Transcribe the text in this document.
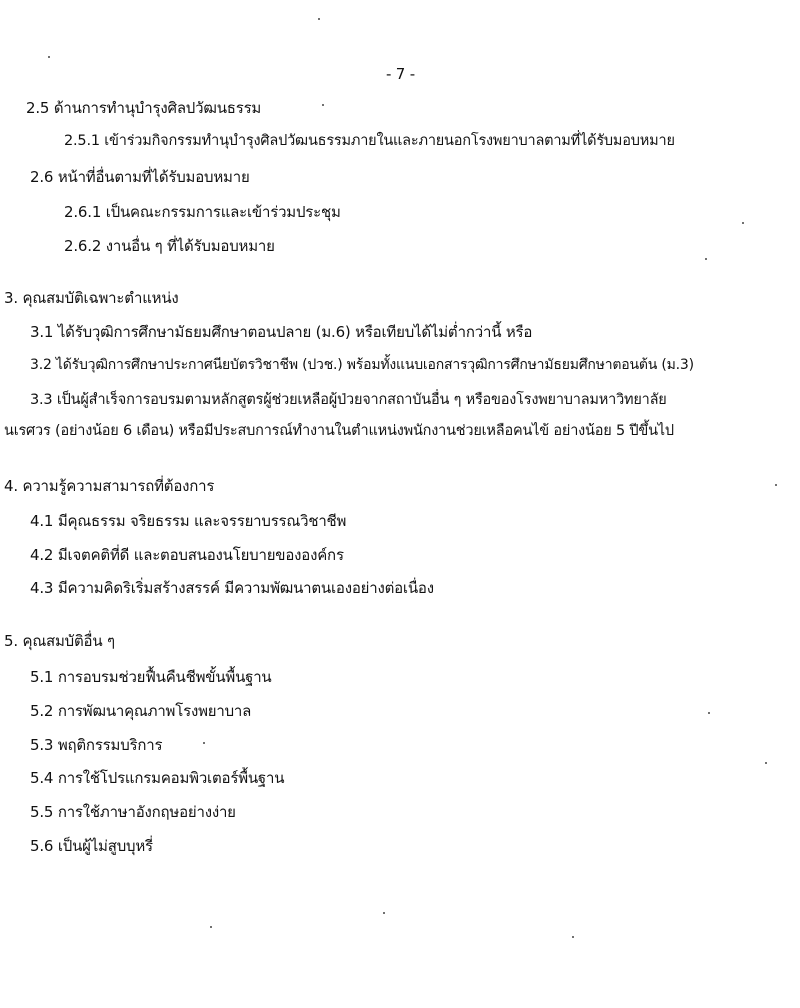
- 7 -
2.5 ด้านการทำนุบำรุงศิลปวัฒนธรรม
2.5.1 เข้าร่วมกิจกรรมทำนุบำรุงศิลปวัฒนธรรมภายในและภายนอกโรงพยาบาลตามที่ได้รับมอบหมาย
2.6 หน้าที่อื่นตามที่ได้รับมอบหมาย
2.6.1 เป็นคณะกรรมการและเข้าร่วมประชุม
2.6.2 งานอื่น ๆ ที่ได้รับมอบหมาย
3. คุณสมบัติเฉพาะตำแหน่ง
3.1 ได้รับวุฒิการศึกษามัธยมศึกษาตอนปลาย (ม.6) หรือเทียบได้ไม่ต่ำกว่านี้ หรือ
3.2 ได้รับวุฒิการศึกษาประกาศนียบัตรวิชาชีพ (ปวช.) พร้อมทั้งแนบเอกสารวุฒิการศึกษามัธยมศึกษาตอนต้น (ม.3)
3.3 เป็นผู้สำเร็จการอบรมตามหลักสูตรผู้ช่วยเหลือผู้ป่วยจากสถาบันอื่น ๆ หรือของโรงพยาบาลมหาวิทยาลัย
นเรศวร (อย่างน้อย 6 เดือน) หรือมีประสบการณ์ทำงานในตำแหน่งพนักงานช่วยเหลือคนไข้ อย่างน้อย 5 ปีขึ้นไป
4. ความรู้ความสามารถที่ต้องการ
4.1 มีคุณธรรม จริยธรรม และจรรยาบรรณวิชาชีพ
4.2 มีเจตคติที่ดี และตอบสนองนโยบายขององค์กร
4.3 มีความคิดริเริ่มสร้างสรรค์ มีความพัฒนาตนเองอย่างต่อเนื่อง
5. คุณสมบัติอื่น ๆ
5.1 การอบรมช่วยฟื้นคืนชีพขั้นพื้นฐาน
5.2 การพัฒนาคุณภาพโรงพยาบาล
5.3 พฤติกรรมบริการ
5.4 การใช้โปรแกรมคอมพิวเตอร์พื้นฐาน
5.5 การใช้ภาษาอังกฤษอย่างง่าย
5.6 เป็นผู้ไม่สูบบุหรี่
